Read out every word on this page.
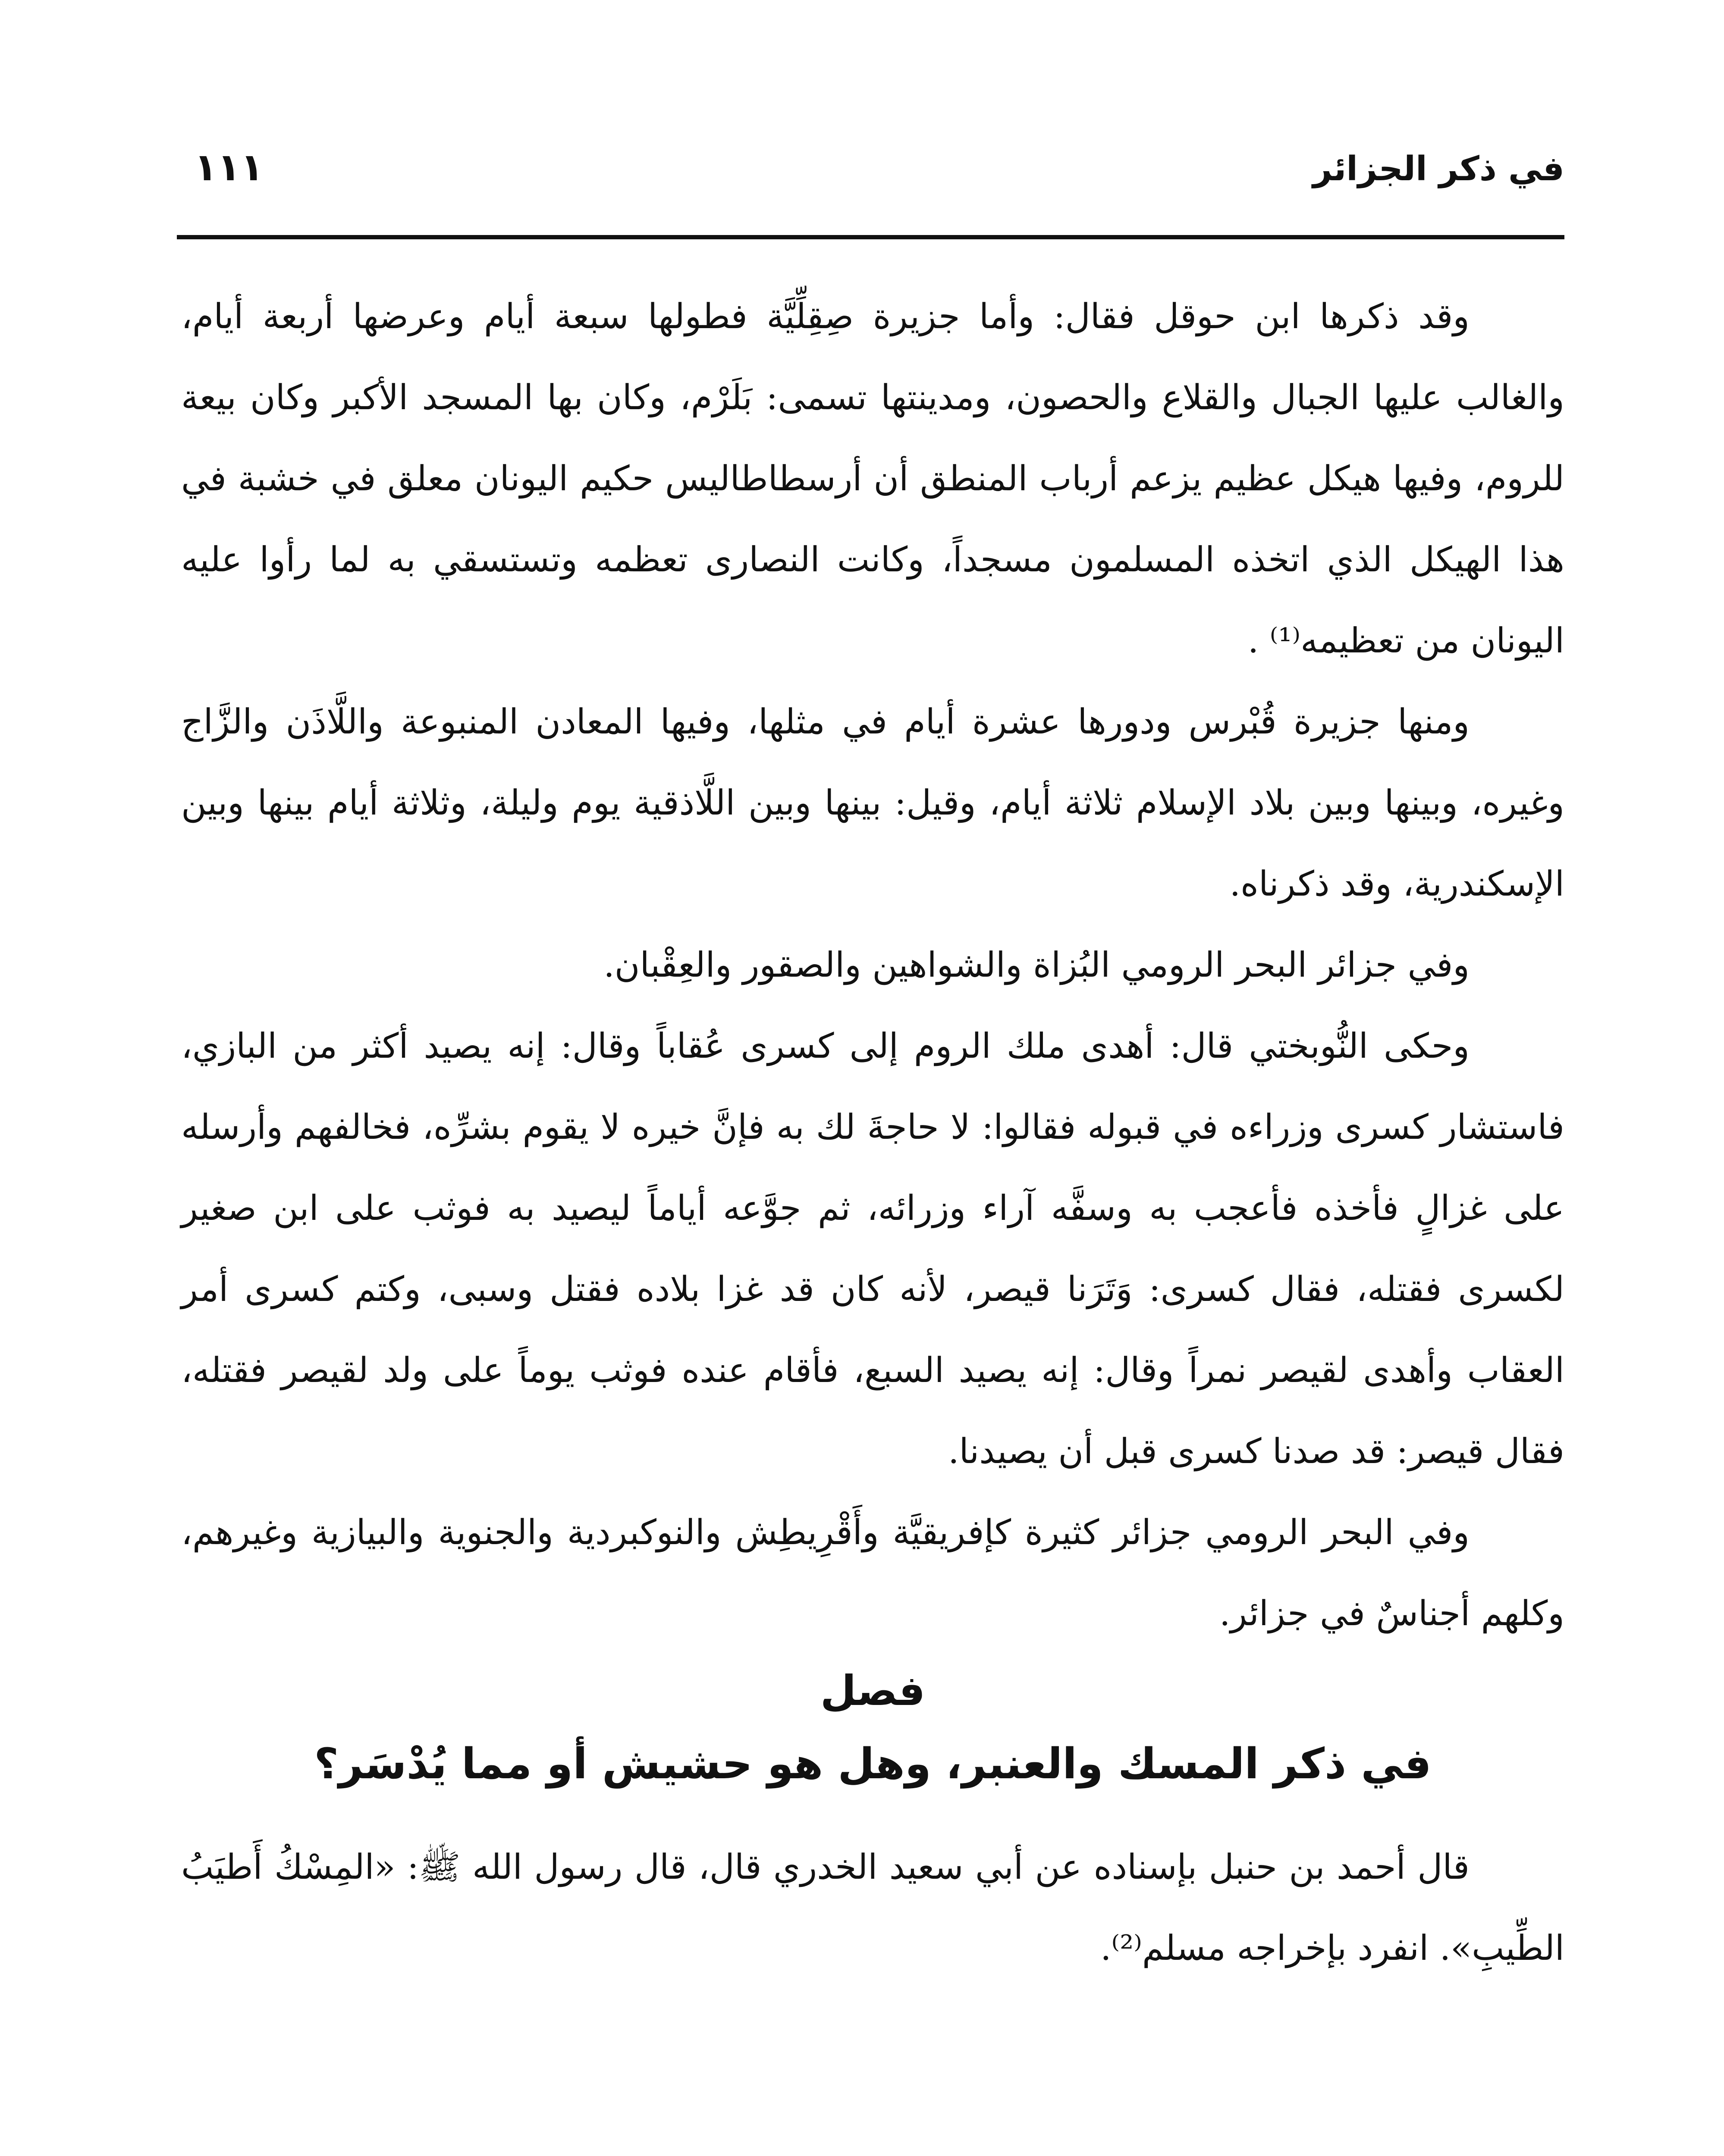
في ذكر الجزائر
١١١

وقد ذكرها ابن حوقل فقال: وأما جزيرة صِقِلِّيَّة فطولها سبعة أيام وعرضها أربعة أيام، والغالب عليها الجبال والقلاع والحصون، ومدينتها تسمى: بَلَرْم، وكان بها المسجد الأكبر وكان بيعة للروم، وفيها هيكل عظيم يزعم أرباب المنطق أن أرسطاطاليس حكيم اليونان معلق في خشبة في هذا الهيكل الذي اتخذه المسلمون مسجداً، وكانت النصارى تعظمه وتستسقي به لما رأوا عليه اليونان من تعظيمه⁽¹⁾ .

ومنها جزيرة قُبْرس ودورها عشرة أيام في مثلها، وفيها المعادن المنبوعة واللَّاذَن والزَّاج وغيره، وبينها وبين بلاد الإسلام ثلاثة أيام، وقيل: بينها وبين اللَّاذقية يوم وليلة، وثلاثة أيام بينها وبين الإسكندرية، وقد ذكرناه.

وفي جزائر البحر الرومي البُزاة والشواهين والصقور والعِقْبان.

وحكى النُّوبختي قال: أهدى ملك الروم إلى كسرى عُقاباً وقال: إنه يصيد أكثر من البازي، فاستشار كسرى وزراءه في قبوله فقالوا: لا حاجةَ لك به فإنَّ خيره لا يقوم بشرِّه، فخالفهم وأرسله على غزالٍ فأخذه فأعجب به وسفَّه آراء وزرائه، ثم جوَّعه أياماً ليصيد به فوثب على ابن صغير لكسرى فقتله، فقال كسرى: وَتَرَنا قيصر، لأنه كان قد غزا بلاده فقتل وسبى، وكتم كسرى أمر العقاب وأهدى لقيصر نمراً وقال: إنه يصيد السبع، فأقام عنده فوثب يوماً على ولد لقيصر فقتله، فقال قيصر: قد صدنا كسرى قبل أن يصيدنا.

وفي البحر الرومي جزائر كثيرة كإفريقيَّة وأَقْرِيطِش والنوكبردية والجنوية والبيازية وغيرهم، وكلهم أجناسٌ في جزائر.

فصل
في ذكر المسك والعنبر، وهل هو حشيش أو مما يُدْسَر؟

قال أحمد بن حنبل بإسناده عن أبي سعيد الخدري قال، قال رسول الله ﷺ: «المِسْكُ أَطيَبُ الطِّيبِ». انفرد بإخراجه مسلم⁽²⁾.
